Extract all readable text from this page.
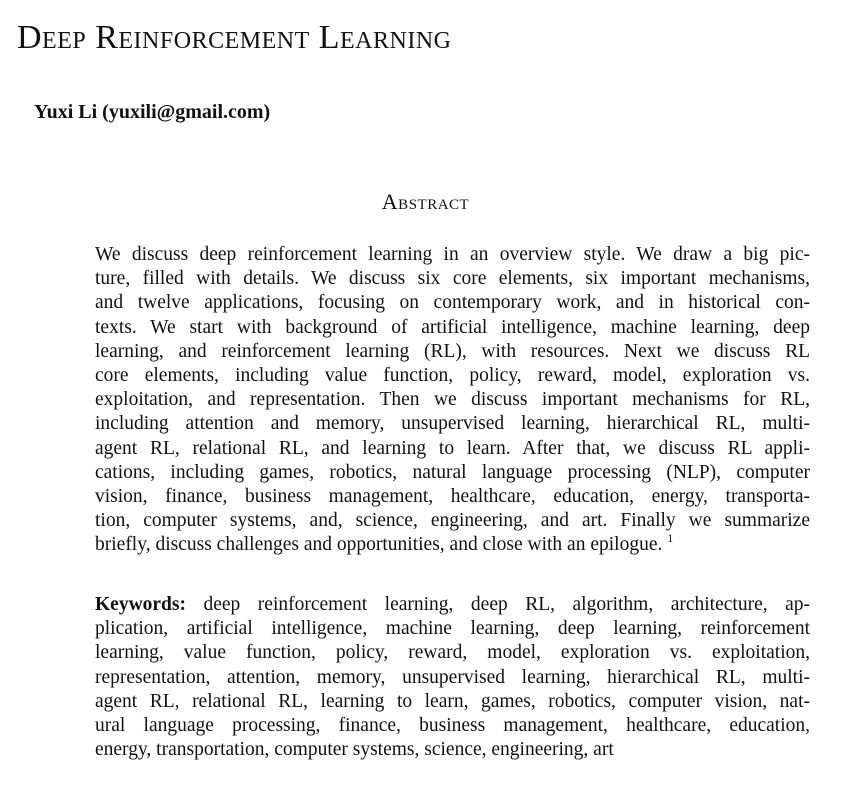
Deep Reinforcement Learning
Yuxi Li (yuxili@gmail.com)
Abstract
We discuss deep reinforcement learning in an overview style. We draw a big pic-
ture, filled with details. We discuss six core elements, six important mechanisms,
and twelve applications, focusing on contemporary work, and in historical con-
texts. We start with background of artificial intelligence, machine learning, deep
learning, and reinforcement learning (RL), with resources. Next we discuss RL
core elements, including value function, policy, reward, model, exploration vs.
exploitation, and representation. Then we discuss important mechanisms for RL,
including attention and memory, unsupervised learning, hierarchical RL, multi-
agent RL, relational RL, and learning to learn. After that, we discuss RL appli-
cations, including games, robotics, natural language processing (NLP), computer
vision, finance, business management, healthcare, education, energy, transporta-
tion, computer systems, and, science, engineering, and art. Finally we summarize
briefly, discuss challenges and opportunities, and close with an epilogue. $^1$
Keywords: deep reinforcement learning, deep RL, algorithm, architecture, ap-
plication, artificial intelligence, machine learning, deep learning, reinforcement
learning, value function, policy, reward, model, exploration vs. exploitation,
representation, attention, memory, unsupervised learning, hierarchical RL, multi-
agent RL, relational RL, learning to learn, games, robotics, computer vision, nat-
ural language processing, finance, business management, healthcare, education,
energy, transportation, computer systems, science, engineering, art
